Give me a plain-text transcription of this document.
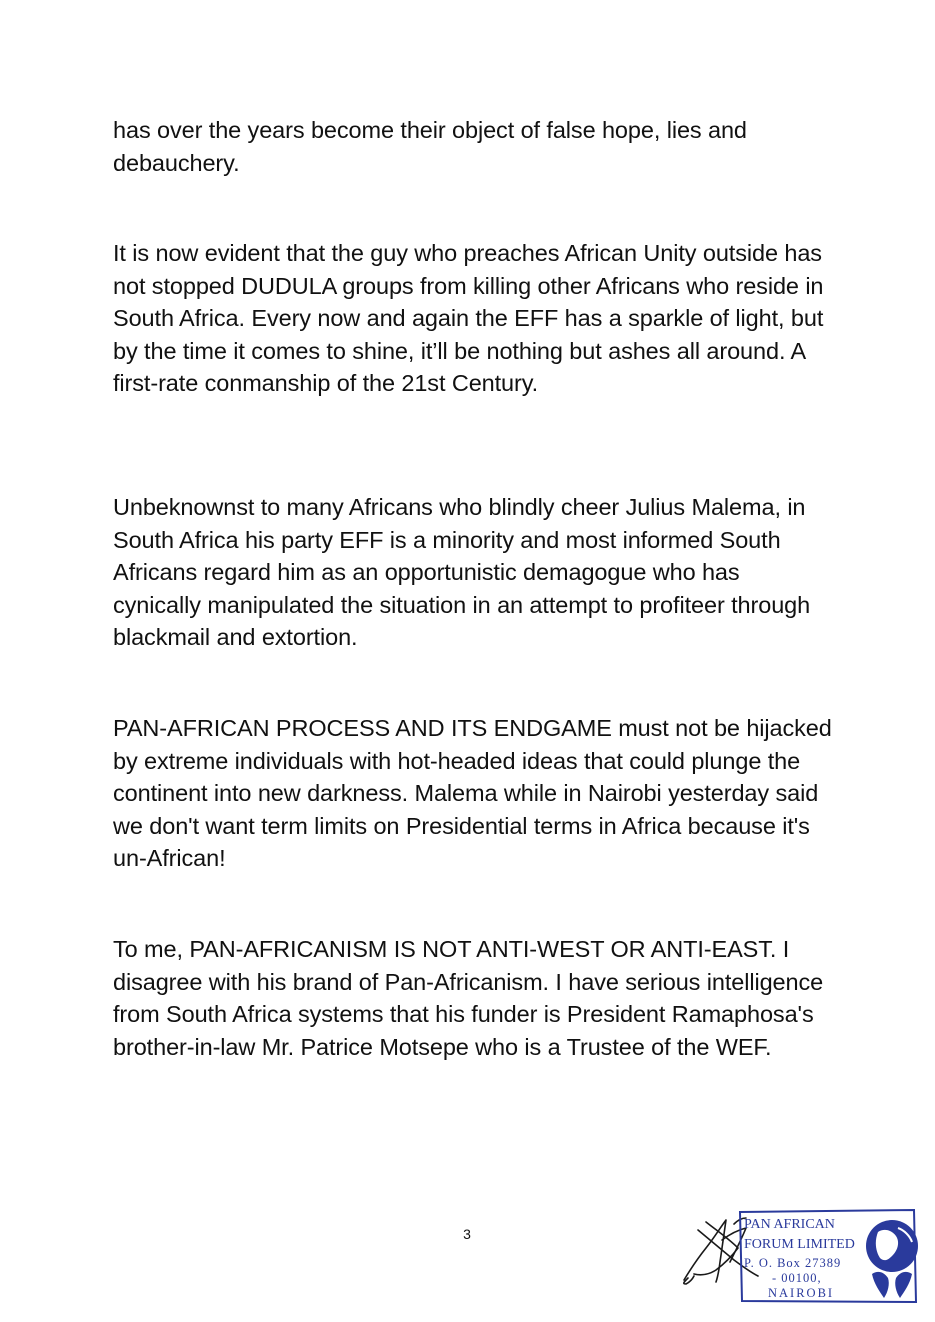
has over the years become their object of false hope, lies and debauchery.

It is now evident that the guy who preaches African Unity outside has not stopped DUDULA groups from killing other Africans who reside in South Africa. Every now and again the EFF has a sparkle of light, but by the time it comes to shine, it’ll be nothing but ashes all around. A first-rate conmanship of the 21st Century.

Unbeknownst to many Africans who blindly cheer Julius Malema, in South Africa his party EFF is a minority and most informed South Africans regard him as an opportunistic demagogue who has cynically manipulated the situation in an attempt to profiteer through blackmail and extortion.

PAN-AFRICAN PROCESS AND ITS ENDGAME must not be hijacked by extreme individuals with hot-headed ideas that could plunge the continent into new darkness. Malema while in Nairobi yesterday said we don't want term limits on Presidential terms in Africa because it's un-African!

To me, PAN-AFRICANISM IS NOT ANTI-WEST OR ANTI-EAST. I disagree with his brand of Pan-Africanism. I have serious intelligence from South Africa systems that his funder is President Ramaphosa's brother-in-law Mr. Patrice Motsepe who is a Trustee of the WEF.

3
PAN AFRICAN
FORUM LIMITED
P. O. Box 27389
- 00100,
NAIROBI
